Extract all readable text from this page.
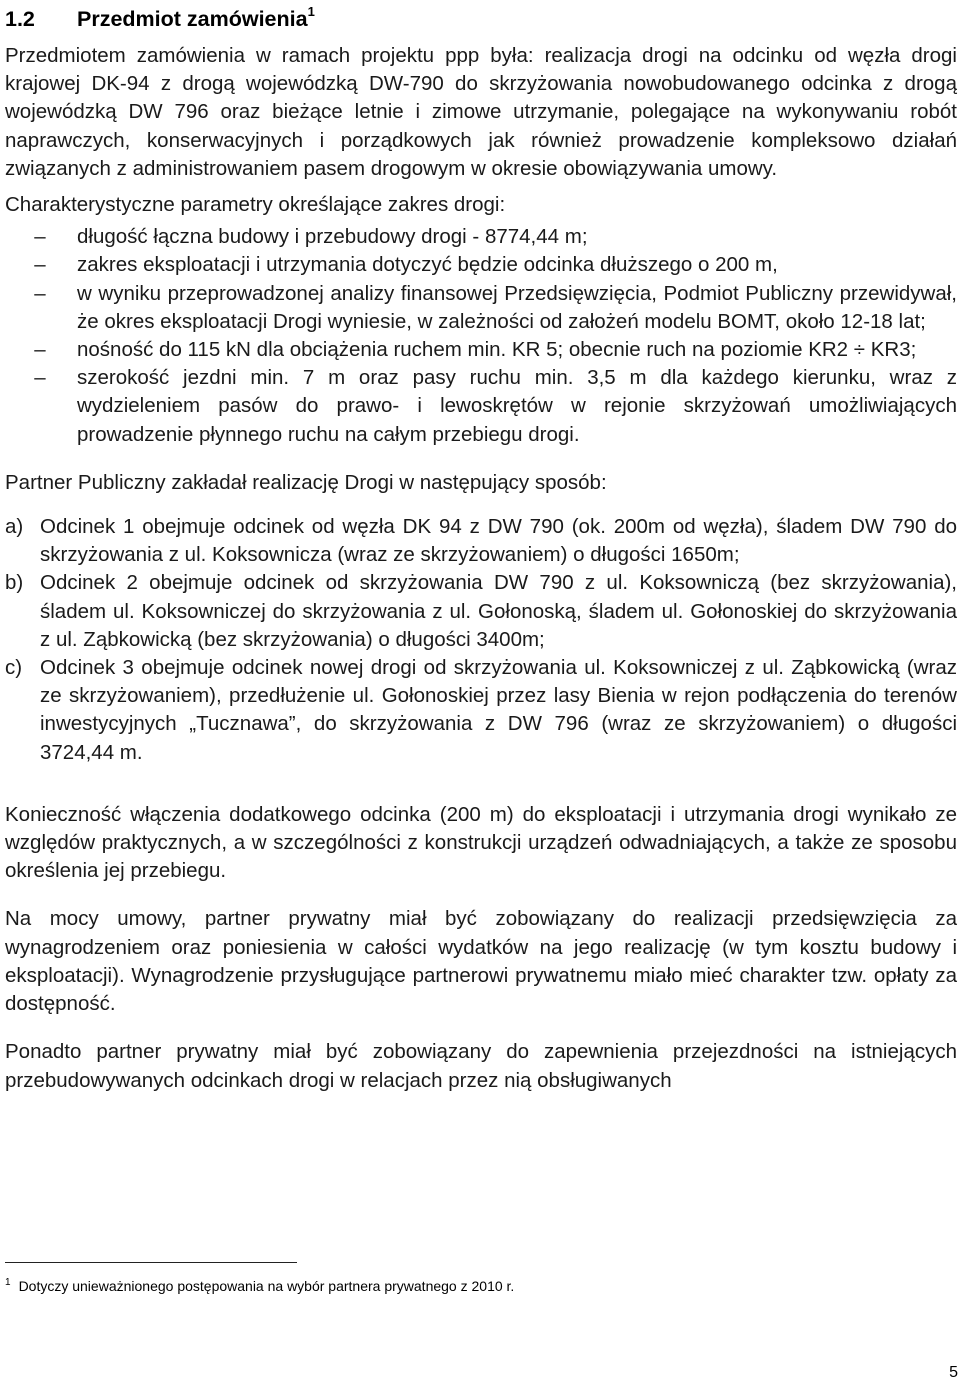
1.2 Przedmiot zamówienia$^1$

Przedmiotem zamówienia w ramach projektu ppp była: realizacja drogi na odcinku od węzła drogi krajowej DK-94 z drogą wojewódzką DW-790 do skrzyżowania nowobudowanego odcinka z drogą wojewódzką DW 796 oraz bieżące letnie i zimowe utrzymanie, polegające na wykonywaniu robót naprawczych, konserwacyjnych i porządkowych jak również prowadzenie kompleksowo działań związanych z administrowaniem pasem drogowym w okresie obowiązywania umowy.

Charakterystyczne parametry określające zakres drogi:

– długość łączna budowy i przebudowy drogi - 8774,44 m;
– zakres eksploatacji i utrzymania dotyczyć będzie odcinka dłuższego o 200 m,
– w wyniku przeprowadzonej analizy finansowej Przedsięwzięcia, Podmiot Publiczny przewidywał, że okres eksploatacji Drogi wyniesie, w zależności od założeń modelu BOMT, około 12-18 lat;
– nośność do 115 kN dla obciążenia ruchem min. KR 5; obecnie ruch na poziomie KR2 ÷ KR3;
– szerokość jezdni min. 7 m oraz pasy ruchu min. 3,5 m dla każdego kierunku, wraz z wydzieleniem pasów do prawo- i lewoskrętów w rejonie skrzyżowań umożliwiających prowadzenie płynnego ruchu na całym przebiegu drogi.

Partner Publiczny zakładał realizację Drogi w następujący sposób:

a) Odcinek 1 obejmuje odcinek od węzła DK 94 z DW 790 (ok. 200m od węzła), śladem DW 790 do skrzyżowania z ul. Koksownicza (wraz ze skrzyżowaniem) o długości 1650m;
b) Odcinek 2 obejmuje odcinek od skrzyżowania DW 790 z ul. Koksowniczą (bez skrzyżowania), śladem ul. Koksowniczej do skrzyżowania z ul. Gołonoską, śladem ul. Gołonoskiej do skrzyżowania z ul. Ząbkowicką (bez skrzyżowania) o długości 3400m;
c) Odcinek 3 obejmuje odcinek nowej drogi od skrzyżowania ul. Koksowniczej z ul. Ząbkowicką (wraz ze skrzyżowaniem), przedłużenie ul. Gołonoskiej przez lasy Bienia w rejon podłączenia do terenów inwestycyjnych „Tucznawa”, do skrzyżowania z DW 796 (wraz ze skrzyżowaniem) o długości 3724,44 m.

Konieczność włączenia dodatkowego odcinka (200 m) do eksploatacji i utrzymania drogi wynikało ze względów praktycznych, a w szczególności z konstrukcji urządzeń odwadniających, a także ze sposobu określenia jej przebiegu.

Na mocy umowy, partner prywatny miał być zobowiązany do realizacji przedsięwzięcia za wynagrodzeniem oraz poniesienia w całości wydatków na jego realizację (w tym kosztu budowy i eksploatacji). Wynagrodzenie przysługujące partnerowi prywatnemu miało mieć charakter tzw. opłaty za dostępność.

Ponadto partner prywatny miał być zobowiązany do zapewnienia przejezdności na istniejących przebudowywanych odcinkach drogi w relacjach przez nią obsługiwanych

$^1$ Dotyczy unieważnionego postępowania na wybór partnera prywatnego z 2010 r.
5
